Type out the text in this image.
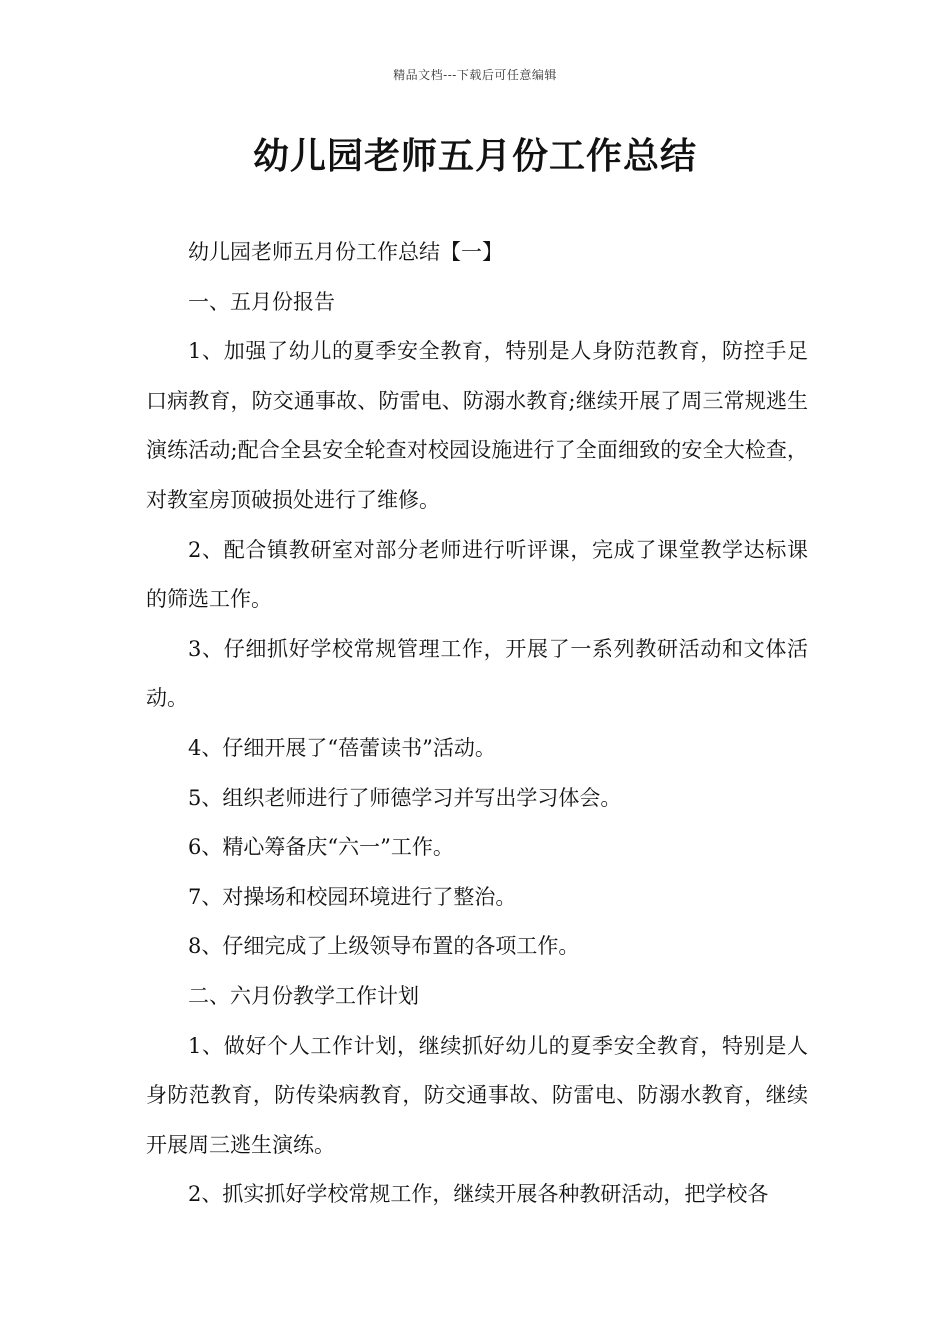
精品文档---下载后可任意编辑
幼儿园老师五月份工作总结

幼儿园老师五月份工作总结【一】

一、五月份报告

1、加强了幼儿的夏季安全教育，特别是人身防范教育，防控手足口病教育，防交通事故、防雷电、防溺水教育;继续开展了周三常规逃生演练活动;配合全县安全轮查对校园设施进行了全面细致的安全大检查，对教室房顶破损处进行了维修。

2、配合镇教研室对部分老师进行听评课，完成了课堂教学达标课的筛选工作。

3、仔细抓好学校常规管理工作，开展了一系列教研活动和文体活动。

4、仔细开展了“蓓蕾读书”活动。

5、组织老师进行了师德学习并写出学习体会。

6、精心筹备庆“六一”工作。

7、对操场和校园环境进行了整治。

8、仔细完成了上级领导布置的各项工作。

二、六月份教学工作计划

1、做好个人工作计划，继续抓好幼儿的夏季安全教育，特别是人身防范教育，防传染病教育，防交通事故、防雷电、防溺水教育，继续开展周三逃生演练。

2、抓实抓好学校常规工作，继续开展各种教研活动，把学校各
